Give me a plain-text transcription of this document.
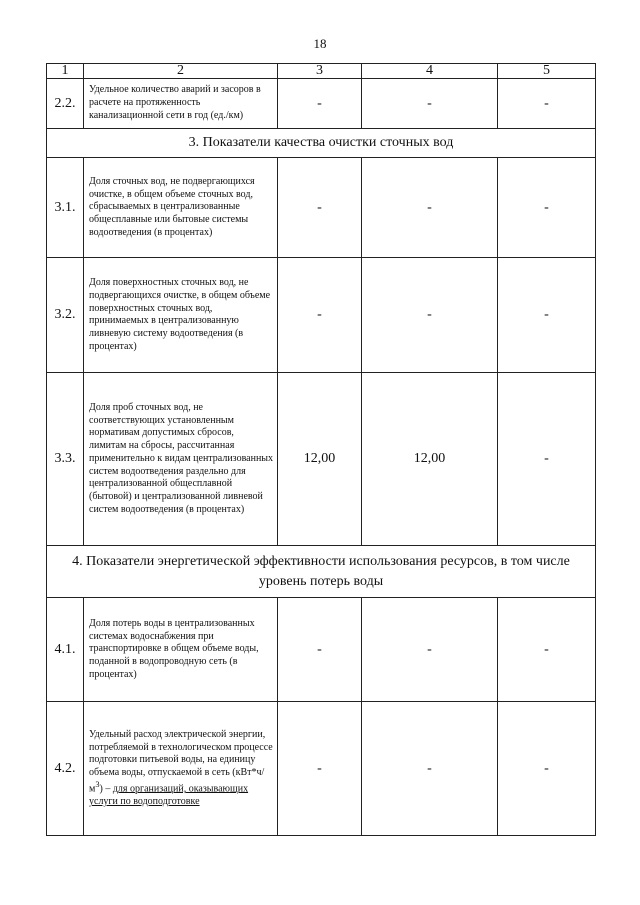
18
1	2	3	4	5
2.2.	Удельное количество аварий и засоров в расчете на протяженность канализационной сети в год (ед./км)	-	-	-
3. Показатели качества очистки сточных вод				
3.1.	Доля сточных вод, не подвергающихся очистке, в общем объеме сточных вод, сбрасываемых в централизованные общесплавные или бытовые системы водоотведения (в процентах)	-	-	-
3.2.	Доля поверхностных сточных вод, не подвергающихся очистке, в общем объеме поверхностных сточных вод, принимаемых в централизованную ливневую систему водоотведения (в процентах)	-	-	-
3.3.	Доля проб сточных вод, не соответствующих установленным нормативам допустимых сбросов, лимитам на сбросы, рассчитанная применительно к видам централизованных систем водоотведения раздельно для централизованной общесплавной (бытовой) и централизованной ливневой систем водоотведения (в процентах)	12,00	12,00	-
4. Показатели энергетической эффективности использования ресурсов, в том числе уровень потерь воды				
4.1.	Доля потерь воды в централизованных системах водоснабжения при транспортировке в общем объеме воды, поданной в водопроводную сеть (в процентах)	-	-	-
4.2.	Удельный расход электрической энергии, потребляемой в технологическом процессе подготовки питьевой воды, на единицу объема воды, отпускаемой в сеть $(кВт*ч/м^3)$ – для организаций, оказывающих услуги по водоподготовке	-	-	-
